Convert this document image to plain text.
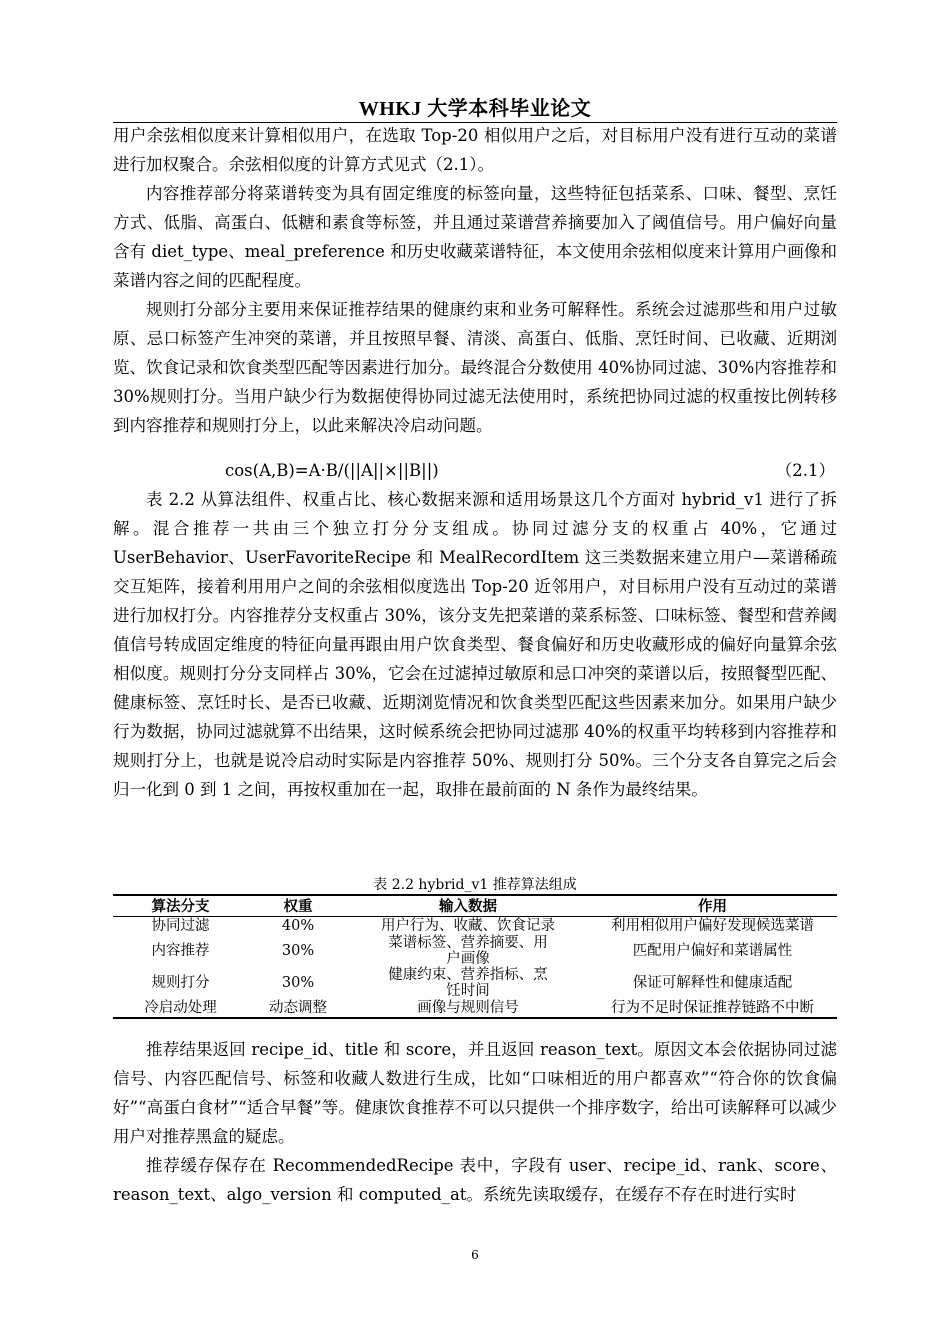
WHKJ 大学本科毕业论文

用户余弦相似度来计算相似用户，在选取 Top-20 相似用户之后，对目标用户没有进行互动的菜谱进行加权聚合。余弦相似度的计算方式见式（2.1）。

内容推荐部分将菜谱转变为具有固定维度的标签向量，这些特征包括菜系、口味、餐型、烹饪方式、低脂、高蛋白、低糖和素食等标签，并且通过菜谱营养摘要加入了阈值信号。用户偏好向量含有 diet_type、meal_preference 和历史收藏菜谱特征，本文使用余弦相似度来计算用户画像和菜谱内容之间的匹配程度。

规则打分部分主要用来保证推荐结果的健康约束和业务可解释性。系统会过滤那些和用户过敏原、忌口标签产生冲突的菜谱，并且按照早餐、清淡、高蛋白、低脂、烹饪时间、已收藏、近期浏览、饮食记录和饮食类型匹配等因素进行加分。最终混合分数使用 40%协同过滤、30%内容推荐和 30%规则打分。当用户缺少行为数据使得协同过滤无法使用时，系统把协同过滤的权重按比例转移到内容推荐和规则打分上，以此来解决冷启动问题。

cos(A,B)=A·B/(||A||×||B||)	（2.1）

表 2.2 从算法组件、权重占比、核心数据来源和适用场景这几个方面对 hybrid_v1 进行了拆解。混合推荐一共由三个独立打分分支组成。协同过滤分支的权重占 40%，它通过 UserBehavior、UserFavoriteRecipe 和 MealRecordItem 这三类数据来建立用户—菜谱稀疏交互矩阵，接着利用用户之间的余弦相似度选出 Top-20 近邻用户，对目标用户没有互动过的菜谱进行加权打分。内容推荐分支权重占 30%，该分支先把菜谱的菜系标签、口味标签、餐型和营养阈值信号转成固定维度的特征向量再跟由用户饮食类型、餐食偏好和历史收藏形成的偏好向量算余弦相似度。规则打分分支同样占 30%，它会在过滤掉过敏原和忌口冲突的菜谱以后，按照餐型匹配、健康标签、烹饪时长、是否已收藏、近期浏览情况和饮食类型匹配这些因素来加分。如果用户缺少行为数据，协同过滤就算不出结果，这时候系统会把协同过滤那 40%的权重平均转移到内容推荐和规则打分上，也就是说冷启动时实际是内容推荐 50%、规则打分 50%。三个分支各自算完之后会归一化到 0 到 1 之间，再按权重加在一起，取排在最前面的 N 条作为最终结果。

表 2.2 hybrid_v1 推荐算法组成
算法分支	权重	输入数据	作用
协同过滤	40%	用户行为、收藏、饮食记录	利用相似用户偏好发现候选菜谱
内容推荐	30%	菜谱标签、营养摘要、用户画像	匹配用户偏好和菜谱属性
规则打分	30%	健康约束、营养指标、烹饪时间	保证可解释性和健康适配
冷启动处理	动态调整	画像与规则信号	行为不足时保证推荐链路不中断

推荐结果返回 recipe_id、title 和 score，并且返回 reason_text。原因文本会依据协同过滤信号、内容匹配信号、标签和收藏人数进行生成，比如“口味相近的用户都喜欢”“符合你的饮食偏好”“高蛋白食材”“适合早餐”等。健康饮食推荐不可以只提供一个排序数字，给出可读解释可以减少用户对推荐黑盒的疑虑。

推荐缓存保存在 RecommendedRecipe 表中，字段有 user、recipe_id、rank、score、reason_text、algo_version 和 computed_at。系统先读取缓存，在缓存不存在时进行实时

6
